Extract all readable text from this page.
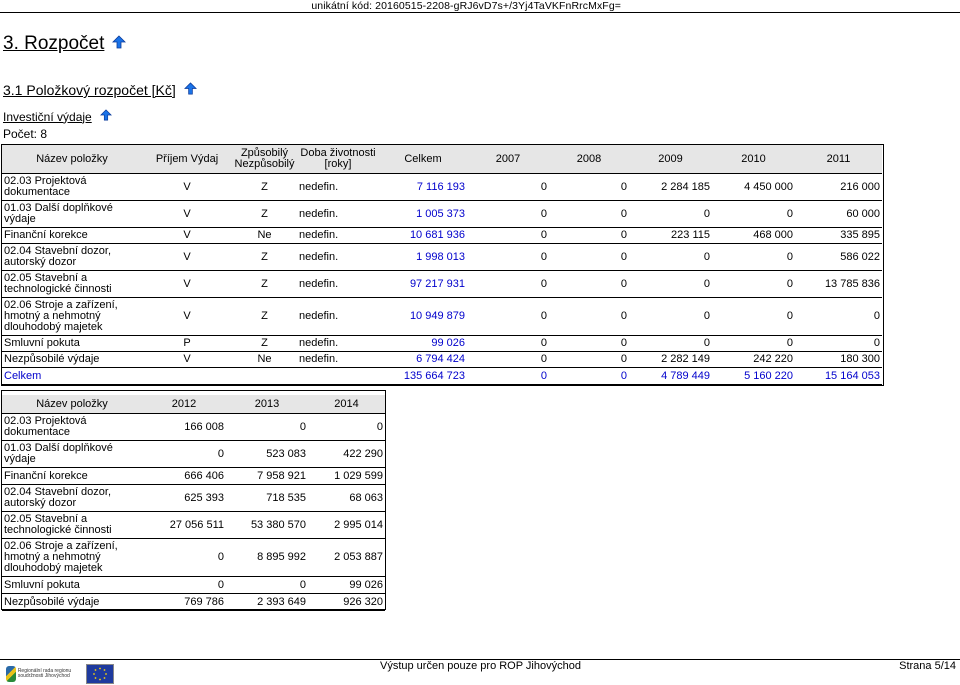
unikátní kód: 20160515-2208-gRJ6vD7s+/3Yj4TaVKFnRrcMxFg=
3. Rozpočet
3.1 Položkový rozpočet [Kč]
Investiční výdaje
Počet: 8
Název položky	Příjem Výdaj	Způsobilý Nezpůsobilý	Doba životnosti [roky]	Celkem	2007	2008	2009	2010	2011
02.03 Projektová dokumentace	V	Z	nedefin.	7 116 193	0	0	2 284 185	4 450 000	216 000
01.03 Další doplňkové výdaje	V	Z	nedefin.	1 005 373	0	0	0	0	60 000
Finanční korekce	V	Ne	nedefin.	10 681 936	0	0	223 115	468 000	335 895
02.04 Stavební dozor, autorský dozor	V	Z	nedefin.	1 998 013	0	0	0	0	586 022
02.05 Stavební a technologické činnosti	V	Z	nedefin.	97 217 931	0	0	0	0	13 785 836
02.06 Stroje a zařízení, hmotný a nehmotný dlouhodobý majetek	V	Z	nedefin.	10 949 879	0	0	0	0	0
Smluvní pokuta	P	Z	nedefin.	99 026	0	0	0	0	0
Nezpůsobilé výdaje	V	Ne	nedefin.	6 794 424	0	0	2 282 149	242 220	180 300
Celkem				135 664 723	0	0	4 789 449	5 160 220	15 164 053
Název položky	2012	2013	2014
02.03 Projektová dokumentace	166 008	0	0
01.03 Další doplňkové výdaje	0	523 083	422 290
Finanční korekce	666 406	7 958 921	1 029 599
02.04 Stavební dozor, autorský dozor	625 393	718 535	68 063
02.05 Stavební a technologické činnosti	27 056 511	53 380 570	2 995 014
02.06 Stroje a zařízení, hmotný a nehmotný dlouhodobý majetek	0	8 895 992	2 053 887
Smluvní pokuta	0	0	99 026
Nezpůsobilé výdaje	769 786	2 393 649	926 320
Regionální rada regionu soudržnosti Jihovýchod
Výstup určen pouze pro ROP Jihovýchod	Strana 5/14
